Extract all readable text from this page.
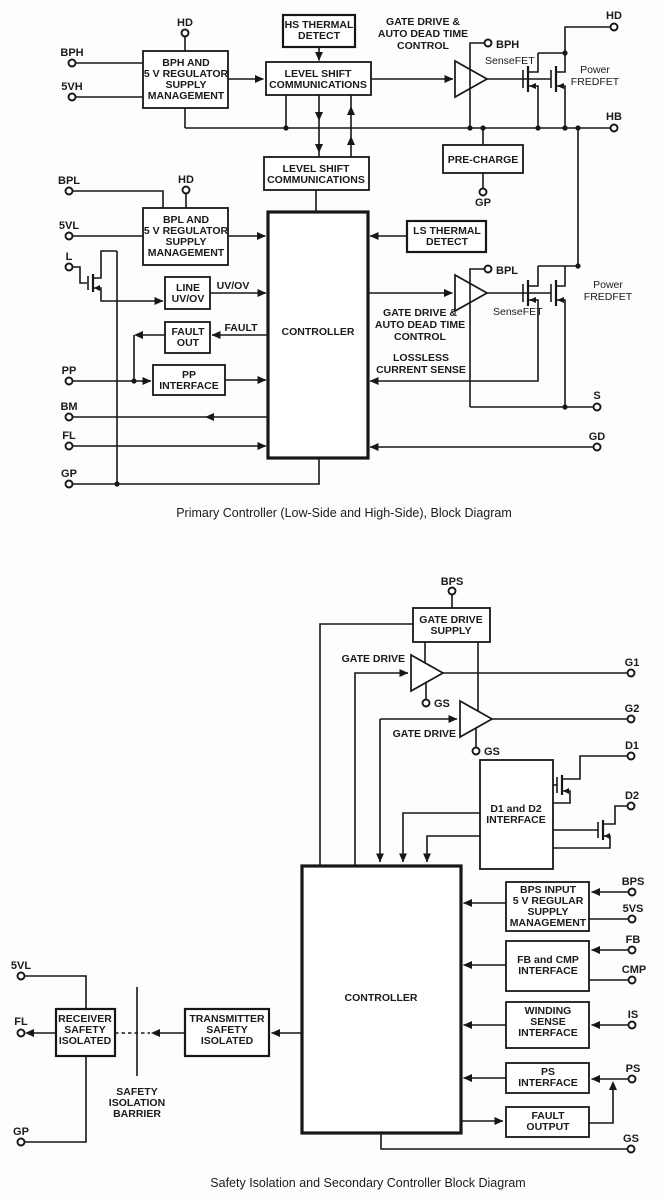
HD
BPH
5VH
HS THERMAL
DETECT
BPH AND
5 V REGULATOR
SUPPLY
MANAGEMENT
LEVEL SHIFT
COMMUNICATIONS
GATE DRIVE &
AUTO DEAD TIME
CONTROL	BPH
SenseFET
Power
FREDFET
HD
HB
LEVEL SHIFT
COMMUNICATIONS
PRE-CHARGE
GP
BPL	HD
BPL AND
5 V REGULATOR
SUPPLY
MANAGEMENT
5VL
L
LS THERMAL
DETECT
LINE
UV/OV
UV/OV
CONTROLLER
FAULT
FAULT
OUT
PP
INTERFACE
PP
BM
FL
GP
BPL
SenseFET
Power
FREDFET
GATE DRIVE &
AUTO DEAD TIME
CONTROL
LOSSLESS
CURRENT SENSE
S
GD
Primary Controller (Low-Side and High-Side), Block Diagram
BPS
GATE DRIVE
SUPPLY
GATE DRIVE	G1
GS	G2
GATE DRIVE
GS	D1
D2
D1 and D2
INTERFACE
CONTROLLER
BPS INPUT
5 V REGULAR
SUPPLY
MANAGEMENT
BPS
5VS
FB and CMP
INTERFACE
FB
CMP
WINDING
SENSE
INTERFACE
IS
PS
INTERFACE
PS
FAULT
OUTPUT
GS
5VL
RECEIVER
SAFETY
ISOLATED
FL	TRANSMITTER
SAFETY
ISOLATED
SAFETY
ISOLATION
BARRIER
GP
Safety Isolation and Secondary Controller Block Diagram
